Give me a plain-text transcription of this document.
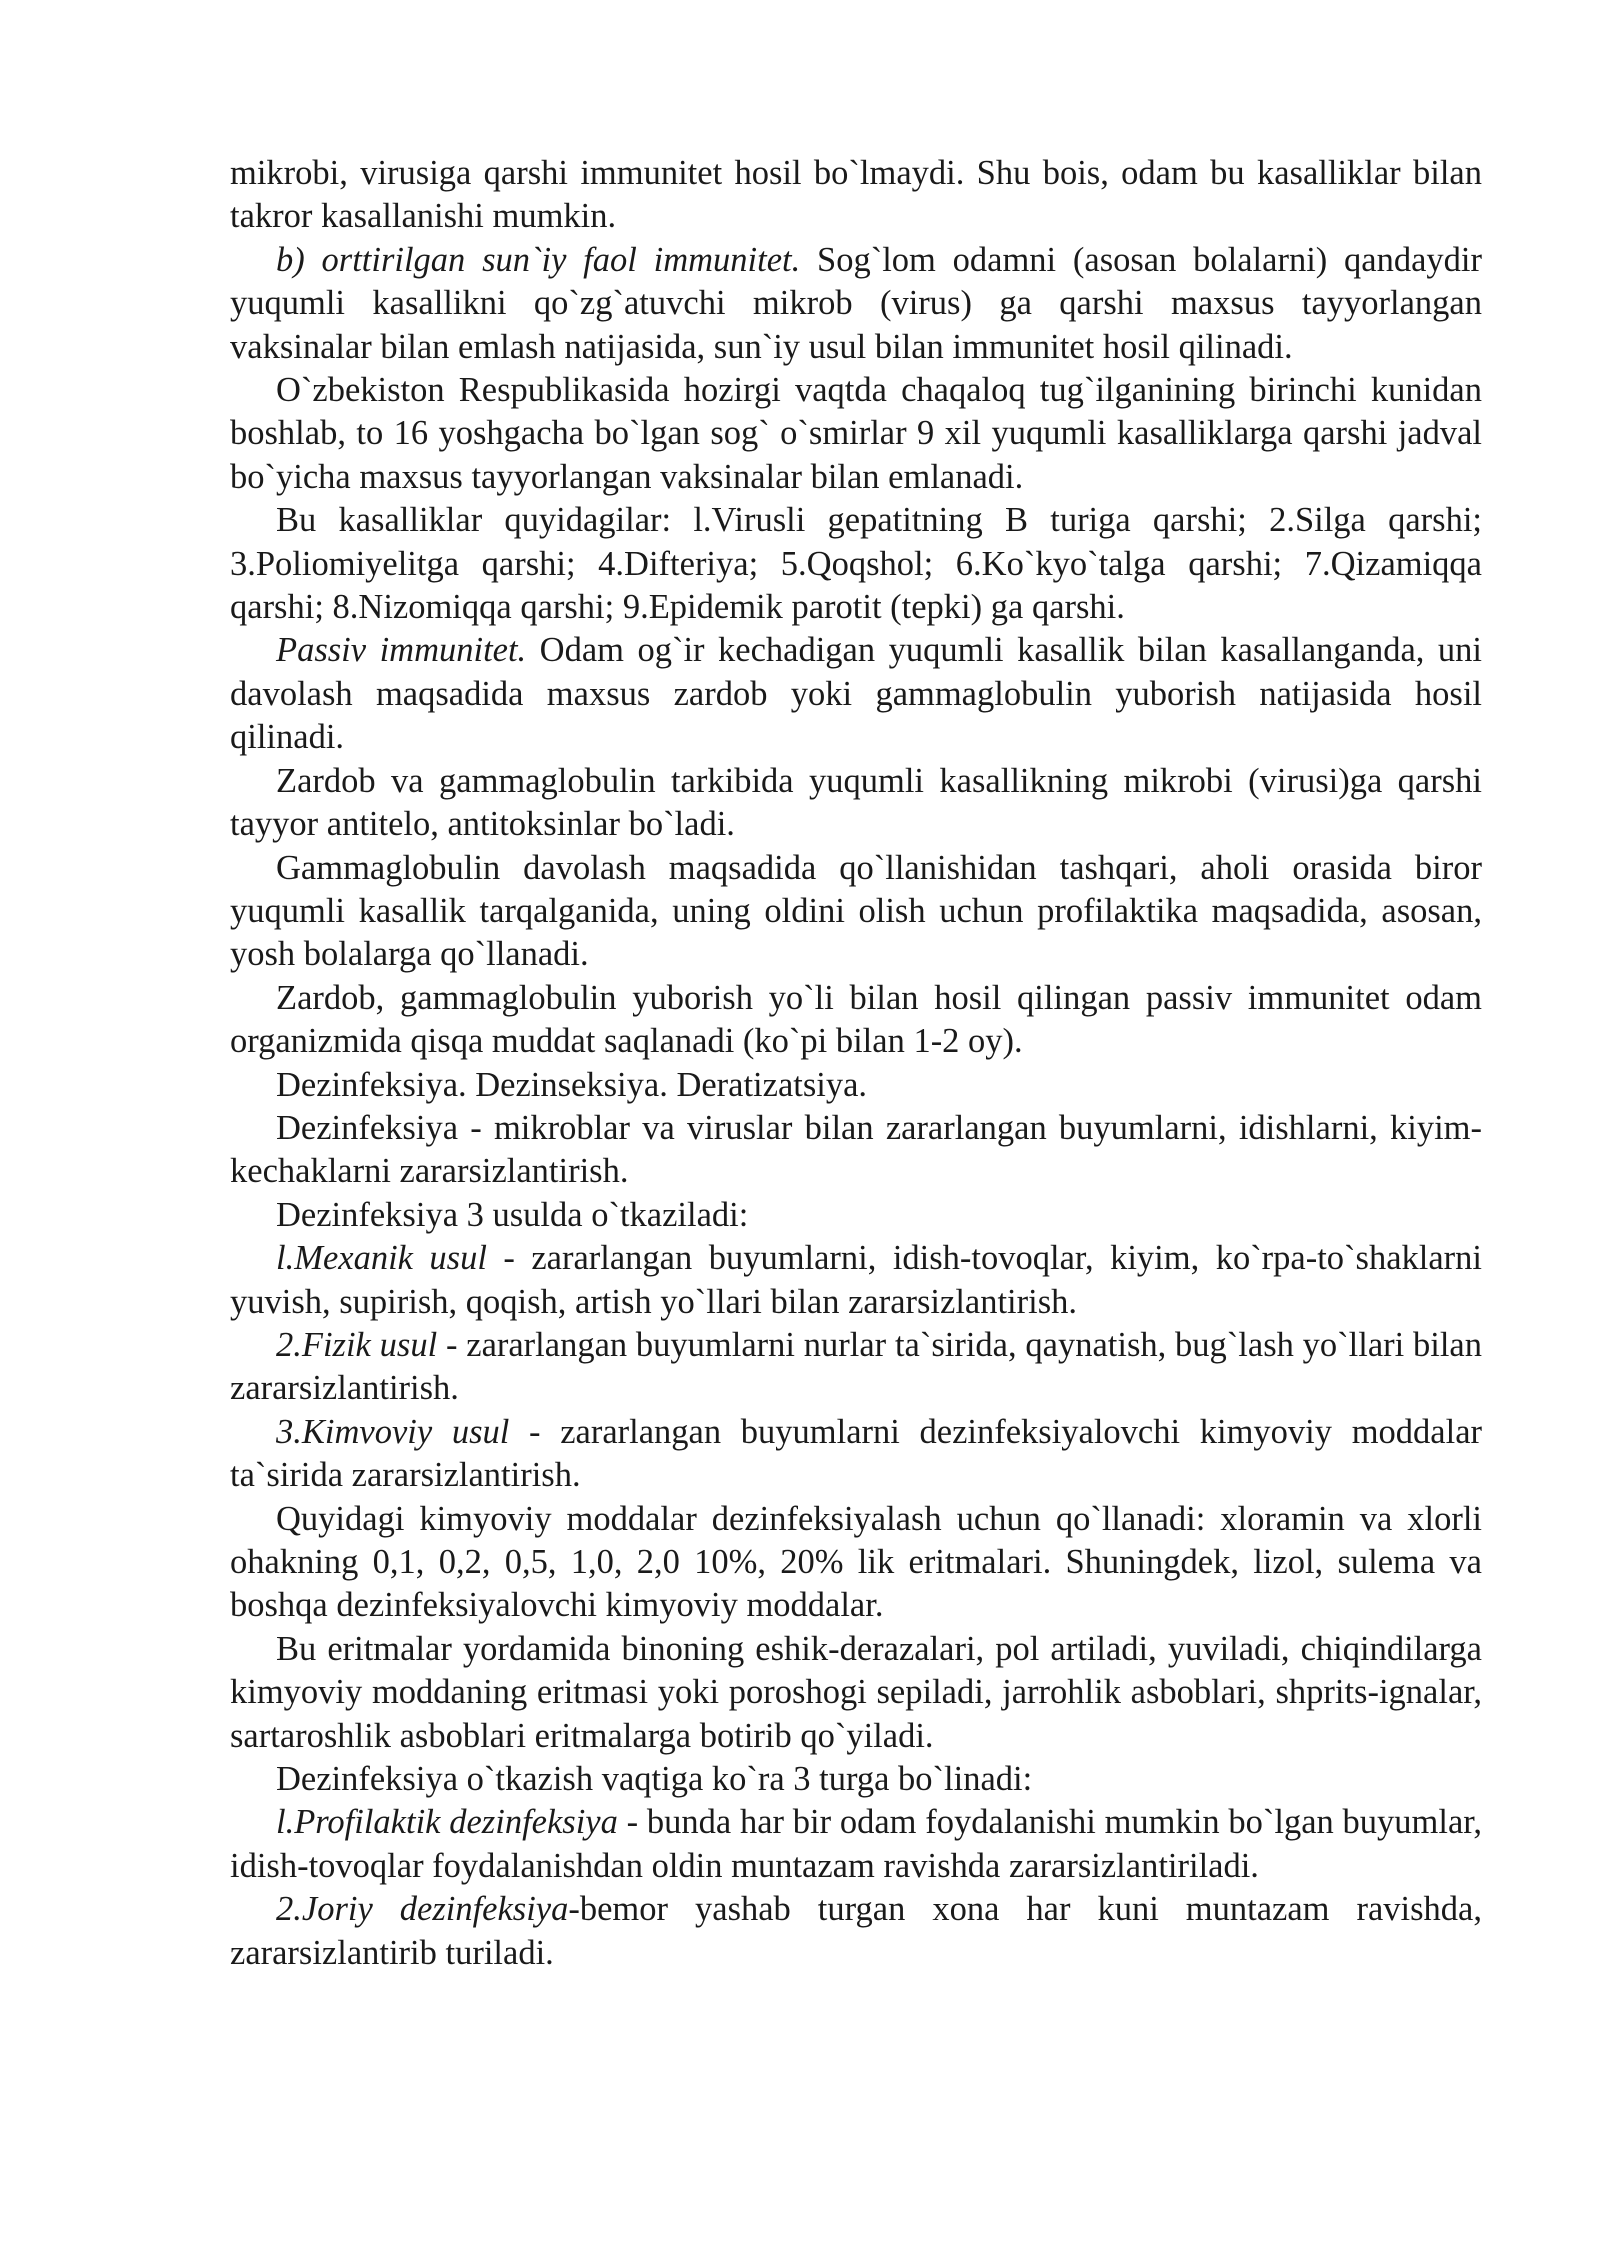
mikrobi, virusiga qarshi immunitet hosil bo`lmaydi. Shu bois, odam bu kasalliklar bilan takror kasallanishi mumkin.

b) orttirilgan sun`iy faol immunitet. Sog`lom odamni (asosan bolalarni) qandaydir yuqumli kasallikni qo`zg`atuvchi mikrob (virus) ga qarshi maxsus tayyorlangan vaksinalar bilan emlash natijasida, sun`iy usul bilan immunitet hosil qilinadi.

O`zbekiston Respublikasida hozirgi vaqtda chaqaloq tug`ilganining birinchi kunidan boshlab, to 16 yoshgacha bo`lgan sog` o`smirlar 9 xil yuqumli kasalliklarga qarshi jadval bo`yicha maxsus tayyorlangan vaksinalar bilan emlanadi.

Bu kasalliklar quyidagilar: l.Virusli gepatitning B turiga qarshi; 2.Silga qarshi; 3.Poliomiyelitga qarshi; 4.Difteriya; 5.Qoqshol; 6.Ko`kyo`talga qarshi; 7.Qizamiqqa qarshi; 8.Nizomiqqa qarshi; 9.Epidemik parotit (tepki) ga qarshi.

Passiv immunitet. Odam og`ir kechadigan yuqumli kasallik bilan kasallanganda, uni davolash maqsadida maxsus zardob yoki gammaglobulin yuborish natijasida hosil qilinadi.

Zardob va gammaglobulin tarkibida yuqumli kasallikning mikrobi (virusi)ga qarshi tayyor antitelo, antitoksinlar bo`ladi.

Gammaglobulin davolash maqsadida qo`llanishidan tashqari, aholi orasida biror yuqumli kasallik tarqalganida, uning oldini olish uchun profilaktika maqsadida, asosan, yosh bolalarga qo`llanadi.

Zardob, gammaglobulin yuborish yo`li bilan hosil qilingan passiv immunitet odam organizmida qisqa muddat saqlanadi (ko`pi bilan 1-2 oy).

Dezinfeksiya. Dezinseksiya. Deratizatsiya.

Dezinfeksiya - mikroblar va viruslar bilan zararlangan buyumlarni, idishlarni, kiyim-kechaklarni zararsizlantirish.

Dezinfeksiya 3 usulda o`tkaziladi:

l.Mexanik usul - zararlangan buyumlarni, idish-tovoqlar, kiyim, ko`rpa-to`shaklarni yuvish, supirish, qoqish, artish yo`llari bilan zararsizlantirish.

2.Fizik usul - zararlangan buyumlarni nurlar ta`sirida, qaynatish, bug`lash yo`llari bilan zararsizlantirish.

3.Kimvoviy usul - zararlangan buyumlarni dezinfeksiyalovchi kimyoviy moddalar ta`sirida zararsizlantirish.

Quyidagi kimyoviy moddalar dezinfeksiyalash uchun qo`llanadi: xloramin va xlorli ohakning 0,1, 0,2, 0,5, 1,0, 2,0 10%, 20% lik eritmalari. Shuningdek, lizol, sulema va boshqa dezinfeksiyalovchi kimyoviy moddalar.

Bu eritmalar yordamida binoning eshik-derazalari, pol artiladi, yuviladi, chiqindilarga kimyoviy moddaning eritmasi yoki poroshogi sepiladi, jarrohlik asboblari, shprits-ignalar, sartaroshlik asboblari eritmalarga botirib qo`yiladi.

Dezinfeksiya o`tkazish vaqtiga ko`ra 3 turga bo`linadi:

l.Profilaktik dezinfeksiya - bunda har bir odam foydalanishi mumkin bo`lgan buyumlar, idish-tovoqlar foydalanishdan oldin muntazam ravishda zararsizlantiriladi.

2.Joriy dezinfeksiya-bemor yashab turgan xona har kuni muntazam ravishda, zararsizlantirib turiladi.
